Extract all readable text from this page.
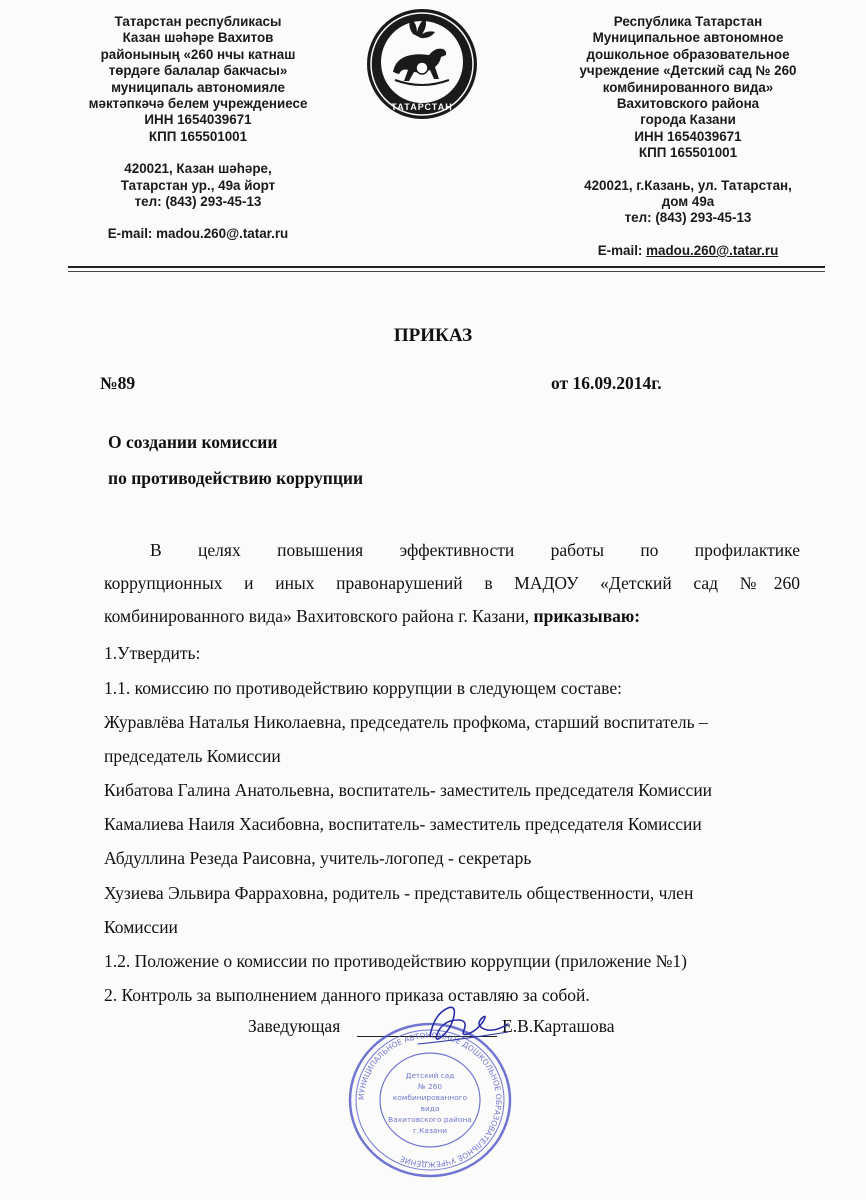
Татарстан республикасы
Казан шәһәре Вахитов
районының «260 нчы катнаш
төрдәге балалар бакчасы»
муниципаль автономияле
мәктәпкәчә белем учреждениесе
ИНН 1654039671
КПП 165501001
420021, Казан шәһәре,
Татарстан ур., 49а йорт
тел: (843) 293-45-13
E-mail: madou.260@.tatar.ru
ТАТАРСТАН
Республика Татарстан
Муниципальное автономное
дошкольное образовательное
учреждение «Детский сад № 260
комбинированного вида»
Вахитовского района
города Казани
ИНН 1654039671
КПП 165501001
420021, г.Казань, ул. Татарстан,
дом 49а
тел: (843) 293-45-13
E-mail: madou.260@.tatar.ru
ПРИКАЗ
№89	от 16.09.2014г.
О создании комиссии
по противодействию коррупции
В целях повышения эффективности работы по профилактике
коррупционных и иных правонарушений в МАДОУ «Детский сад №260
комбинированного вида» Вахитовского района г. Казани, приказываю:
1.Утвердить:
1.1. комиссию по противодействию коррупции в следующем составе:
Журавлёва Наталья Николаевна, председатель профкома, старший воспитатель –
председатель Комиссии
Кибатова Галина Анатольевна, воспитатель- заместитель председателя Комиссии
Камалиева Наиля Хасибовна, воспитатель- заместитель председателя Комиссии
Абдуллина Резеда Раисовна, учитель-логопед - секретарь
Хузиева Эльвира Фарраховна, родитель - представитель общественности, член
Комиссии
1.2. Положение о комиссии по противодействию коррупции (приложение №1)
2. Контроль за выполнением данного приказа оставляю за собой.
Заведующая	Е.В.Карташова
МУНИЦИПАЛЬНОЕ АВТОНОМНОЕ ДОШКОЛЬНОЕ ОБРАЗОВАТЕЛЬНОЕ УЧРЕЖДЕНИЕ
Детский сад
№ 260
комбинированного
вида
Вахитовского района
г.Казани
